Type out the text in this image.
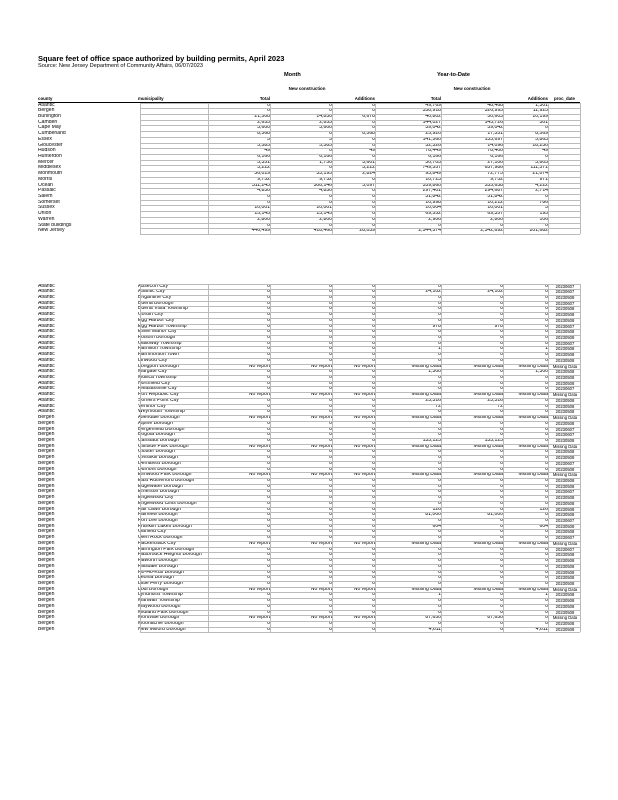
Square feet of office space authorized by building permits, April 2023
Source: New Jersey Department of Community Affairs, 06/07/2023
Month	Year-to-Date
county	municipality	Total
New construction
Additions	Total
New construction
Additions proc_date
Atlantic	0	0	0	49,769	48,468	1,301
Bergen	0	0	0	338,918	326,993	11,925
Burlington	21,508	14,830	6,678	40,802	30,603	10,199
Camden	2,655	2,655	0	144,027	143,726	301
Cape May	3,600	3,600	0	39,042	39,042	0
Cumberland	8,568	0	8,568	25,920	17,351	8,569
Essex	5	5	0	141,560	135,697	5,863
Gloucester	5,585	5,585	0	32,326	14,096	18,230
Hudson	49	0	49	78,449	78,400	49
Hunterdon	6,166	6,166	0	6,166	6,166	0
Mercer	5,351	1,750	3,601	30,703	27,100	3,603
Middlesex	3,222	0	3,222	749,557	637,986	111,571
Monmouth	36,019	33,195	2,824	93,849	72,775	21,074
Morris	9,752	9,752	0	10,723	9,752	971
Ocean	311,243	308,146	3,097	339,860	335,638	4,222
Passaic	4,830	4,830	0	297,401	294,687	2,714
Salem	0	0	0	31,842	31,842	0
Somerset	0	0	0	10,998	10,212	786
Sussex	10,001	10,001	0	10,004	10,001	3
Union	15,145	15,145	0	69,552	69,357	195
Warren	2,800	2,800	0	2,906	2,800	106
State buildings	0	0	0	0	0	0
New Jersey	446,499	418,460	28,039	2,544,374	2,342,692	201,682
Atlantic	Absecon City	0	0	0	0	0	0	20230607
Atlantic	Atlantic City	0	0	0	24,102	24,102	0	20230607
Atlantic	Brigantine City	0	0	0	0	0	0	20230508
Atlantic	Buena Borough	0	0	0	0	0	0	20230607
Atlantic	Buena Vista Township	0	0	0	0	0	0	20230508
Atlantic	Corbin City	0	0	0	0	0	0	20230508
Atlantic	Egg Harbor City	0	0	0	0	0	0	20230508
Atlantic	Egg Harbor Township	0	0	0	978	978	0	20230607
Atlantic	Estell Manor City	0	0	0	0	0	0	20230508
Atlantic	Folsom Borough	0	0	0	0	0	0	20230508
Atlantic	Galloway Township	0	0	0	0	0	0	20230607
Atlantic	Hamilton Township	0	0	0	1	0	1	20230508
Atlantic	Hammonton Town	0	0	0	0	0	0	20230508
Atlantic	Linwood City	0	0	0	0	0	0	20230508
Atlantic	Longport Borough	No report	No report	No report	Missing Data	Missing Data	Missing Data	Missing Data
Atlantic	Margate City	0	0	0	1,300	0	1,300	20230508
Atlantic	Mullica Township	0	0	0	0	0	0	20230508
Atlantic	Northfield City	0	0	0	0	0	0	20230508
Atlantic	Pleasantville City	0	0	0	0	0	0	20230607
Atlantic	Port Republic City	No report	No report	No report	Missing Data	Missing Data	Missing Data	Missing Data
Atlantic	Somers Point City	0	0	0	23,316	23,316	0	20230508
Atlantic	Ventnor City	0	0	0	72	72	0	20230508
Atlantic	Weymouth Township	0	0	0	0	0	0	20230508
Bergen	Allendale Borough	No report	No report	No report	Missing Data	Missing Data	Missing Data	Missing Data
Bergen	Alpine Borough	0	0	0	0	0	0	20230508
Bergen	Bergenfield Borough	0	0	0	0	0	0	20230607
Bergen	Bogota Borough	0	0	0	0	0	0	20230607
Bergen	Carlstadt Borough	0	0	0	133,123	133,123	0	20230508
Bergen	Cliffside Park Borough	No report	No report	No report	Missing Data	Missing Data	Missing Data	Missing Data
Bergen	Closter Borough	0	0	0	0	0	0	20230508
Bergen	Cresskill Borough	0	0	0	0	0	0	20230508
Bergen	Demarest Borough	0	0	0	0	0	0	20230607
Bergen	Dumont Borough	0	0	0	0	0	0	20230508
Bergen	Elmwood Park Borough	No report	No report	No report	Missing Data	Missing Data	Missing Data	Missing Data
Bergen	East Rutherford Borough	0	0	0	0	0	0	20230508
Bergen	Edgewater Borough	0	0	0	0	0	0	20230508
Bergen	Emerson Borough	0	0	0	0	0	0	20230607
Bergen	Englewood City	0	0	0	0	0	0	20230508
Bergen	Englewood Cliffs Borough	0	0	0	0	0	0	20230508
Bergen	Fair Lawn Borough	0	0	0	126	0	126	20230508
Bergen	Fairview Borough	0	0	0	81,000	81,000	0	20230508
Bergen	Fort Lee Borough	0	0	0	0	0	0	20230607
Bergen	Franklin Lakes Borough	0	0	0	604	0	604	20230508
Bergen	Garfield City	0	0	0	0	0	0	20230508
Bergen	Glen Rock Borough	0	0	0	0	0	0	20230607
Bergen	Hackensack City	No report	No report	No report	Missing Data	Missing Data	Missing Data	Missing Data
Bergen	Harrington Park Borough	0	0	0	0	0	0	20230607
Bergen	Hasbrouck Heights Borough	0	0	0	0	0	0	20230508
Bergen	Haworth Borough	0	0	0	0	0	0	20230508
Bergen	Hillsdale Borough	0	0	0	0	0	0	20230508
Bergen	Ho-Ho-Kus Borough	0	0	0	0	0	0	20230508
Bergen	Leonia Borough	0	0	0	0	0	0	20230508
Bergen	Little Ferry Borough	0	0	0	0	0	0	20230508
Bergen	Lodi Borough	No report	No report	No report	Missing Data	Missing Data	Missing Data	Missing Data
Bergen	Lyndhurst Township	0	0	0	1	0	1	20230508
Bergen	Mahwah Township	0	0	0	0	0	0	20230508
Bergen	Maywood Borough	0	0	0	0	0	0	20230508
Bergen	Midland Park Borough	0	0	0	0	0	0	20230508
Bergen	Montvale Borough	No report	No report	No report	87,650	87,650	0	Missing Data
Bergen	Moonachie Borough	0	0	0	0	0	0	20230508
Bergen	New Milford Borough	0	0	0	4,611	0	4,611	20230508
